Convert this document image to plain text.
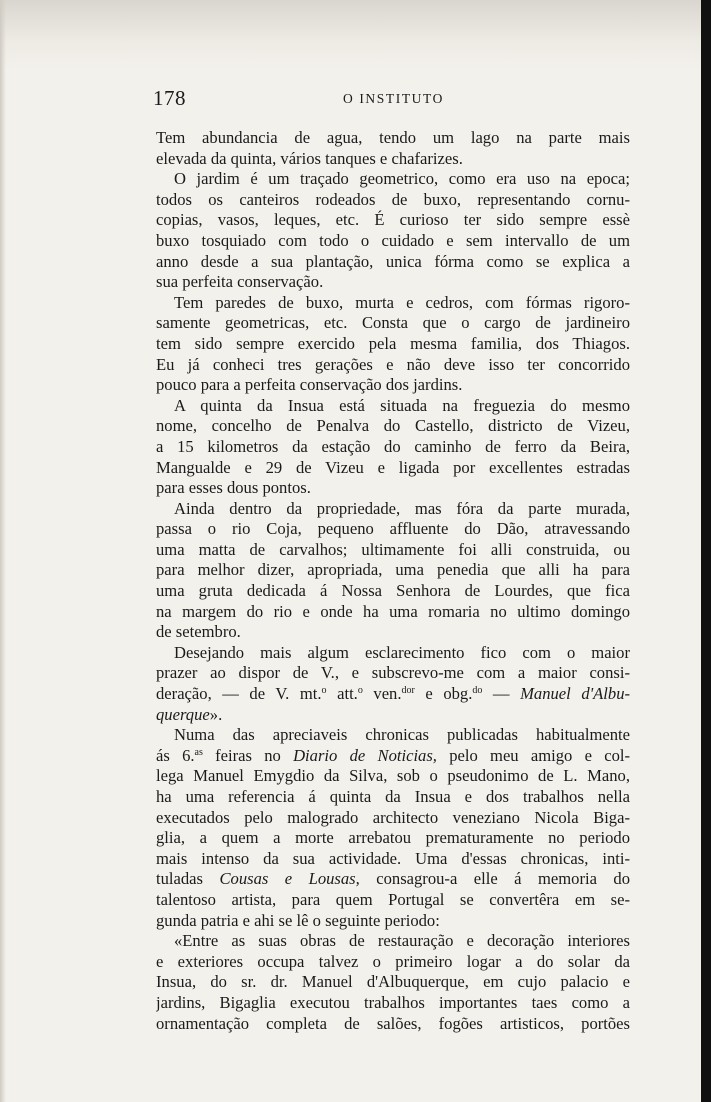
178	O INSTITUTO
Tem abundancia de agua, tendo um lago na parte mais
elevada da quinta, vários tanques e chafarizes.
O jardim é um traçado geometrico, como era uso na epoca;
todos os canteiros rodeados de buxo, representando cornu-
copias, vasos, leques, etc. É curioso ter sido sempre essè
buxo tosquiado com todo o cuidado e sem intervallo de um
anno desde a sua plantação, unica fórma como se explica a
sua perfeita conservação.
Tem paredes de buxo, murta e cedros, com fórmas rigoro-
samente geometricas, etc. Consta que o cargo de jardineiro
tem sido sempre exercido pela mesma familia, dos Thiagos.
Eu já conheci tres gerações e não deve isso ter concorrido
pouco para a perfeita conservação dos jardins.
A quinta da Insua está situada na freguezia do mesmo
nome, concelho de Penalva do Castello, districto de Vizeu,
a 15 kilometros da estação do caminho de ferro da Beira,
Mangualde e 29 de Vizeu e ligada por excellentes estradas
para esses dous pontos.
Ainda dentro da propriedade, mas fóra da parte murada,
passa o rio Coja, pequeno affluente do Dão, atravessando
uma matta de carvalhos; ultimamente foi alli construida, ou
para melhor dizer, apropriada, uma penedia que alli ha para
uma gruta dedicada á Nossa Senhora de Lourdes, que fica
na margem do rio e onde ha uma romaria no ultimo domingo
de setembro.
Desejando mais algum esclarecimento fico com o maior
prazer ao dispor de V., e subscrevo-me com a maior consi-
deração, — de V. mt.$^o$ att.$^o$ ven.$^{dor}$ e obg.$^{do}$ — Manuel d'Albu-
querque».
Numa das apreciaveis chronicas publicadas habitualmente
ás 6.$^{as}$ feiras no Diario de Noticias, pelo meu amigo e col-
lega Manuel Emygdio da Silva, sob o pseudonimo de L. Mano,
ha uma referencia á quinta da Insua e dos trabalhos nella
executados pelo malogrado architecto veneziano Nicola Biga-
glia, a quem a morte arrebatou prematuramente no periodo
mais intenso da sua actividade. Uma d'essas chronicas, inti-
tuladas Cousas e Lousas, consagrou-a elle á memoria do
talentoso artista, para quem Portugal se convertêra em se-
gunda patria e ahi se lê o seguinte periodo:
«Entre as suas obras de restauração e decoração interiores
e exteriores occupa talvez o primeiro logar a do solar da
Insua, do sr. dr. Manuel d'Albuquerque, em cujo palacio e
jardins, Bigaglia executou trabalhos importantes taes como a
ornamentação completa de salões, fogões artisticos, portões
